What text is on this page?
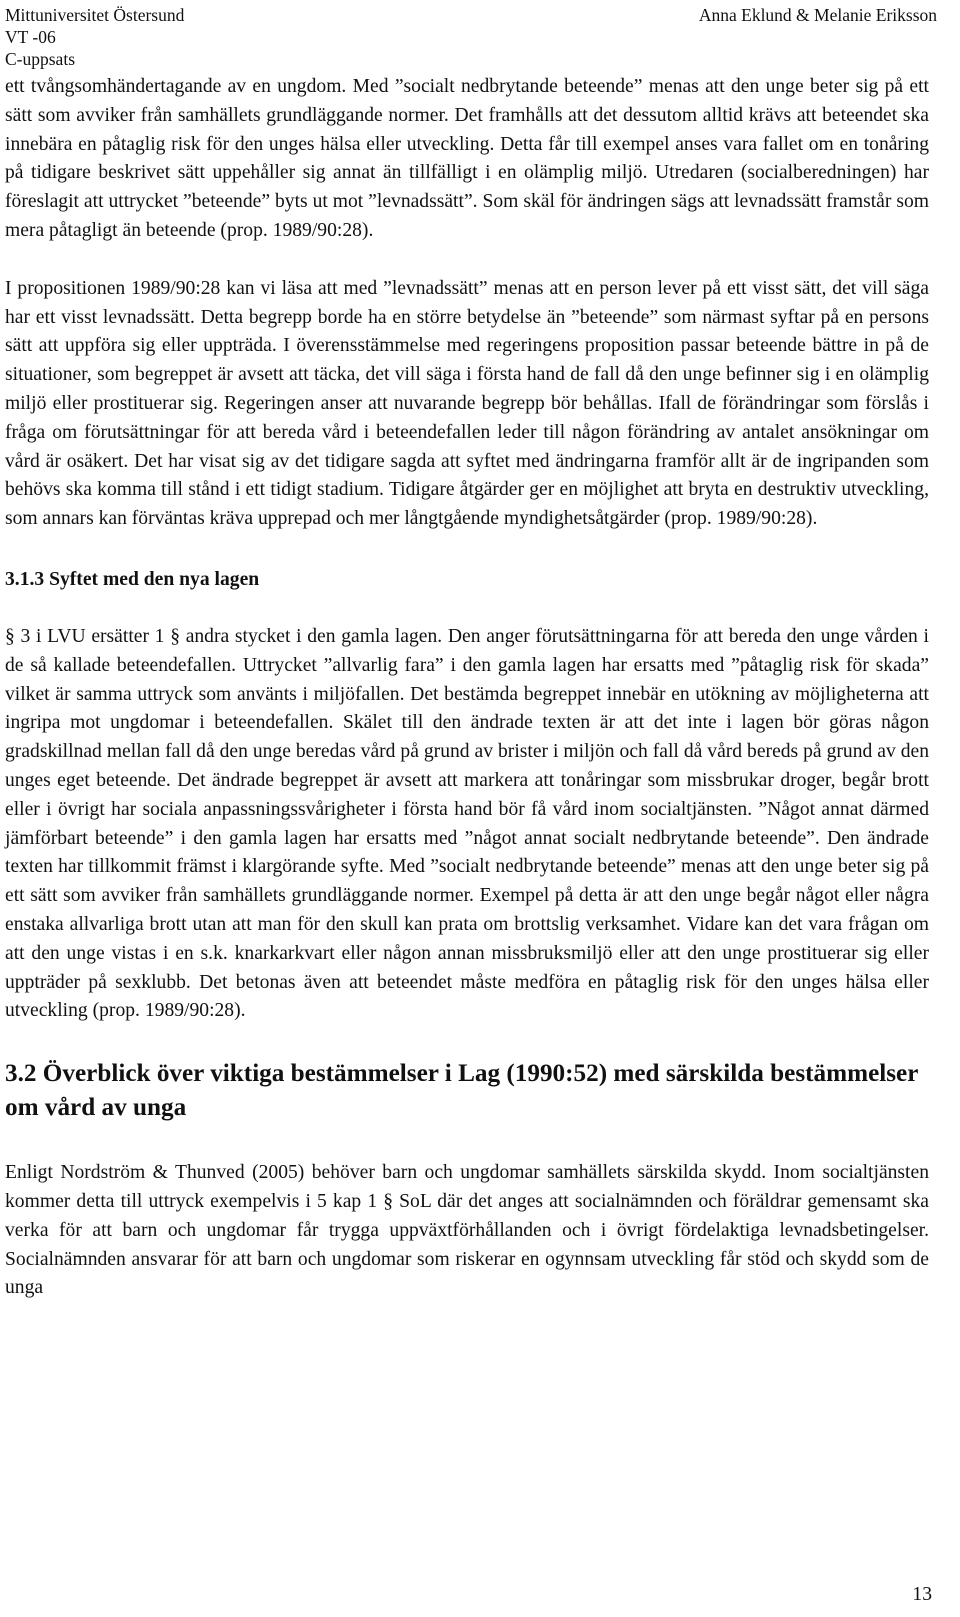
Mittuniversitet Östersund	Anna Eklund & Melanie Eriksson
VT -06
C-uppsats

ett tvångsomhändertagande av en ungdom. Med ”socialt nedbrytande beteende” menas att den unge beter sig på ett sätt som avviker från samhällets grundläggande normer. Det framhålls att det dessutom alltid krävs att beteendet ska innebära en påtaglig risk för den unges hälsa eller utveckling. Detta får till exempel anses vara fallet om en tonåring på tidigare beskrivet sätt uppehåller sig annat än tillfälligt i en olämplig miljö. Utredaren (socialberedningen) har föreslagit att uttrycket ”beteende” byts ut mot ”levnadssätt”. Som skäl för ändringen sägs att levnadssätt framstår som mera påtagligt än beteende (prop. 1989/90:28).

I propositionen 1989/90:28 kan vi läsa att med ”levnadssätt” menas att en person lever på ett visst sätt, det vill säga har ett visst levnadssätt. Detta begrepp borde ha en större betydelse än ”beteende” som närmast syftar på en persons sätt att uppföra sig eller uppträda. I överensstämmelse med regeringens proposition passar beteende bättre in på de situationer, som begreppet är avsett att täcka, det vill säga i första hand de fall då den unge befinner sig i en olämplig miljö eller prostituerar sig. Regeringen anser att nuvarande begrepp bör behållas. Ifall de förändringar som förslås i fråga om förutsättningar för att bereda vård i beteendefallen leder till någon förändring av antalet ansökningar om vård är osäkert. Det har visat sig av det tidigare sagda att syftet med ändringarna framför allt är de ingripanden som behövs ska komma till stånd i ett tidigt stadium. Tidigare åtgärder ger en möjlighet att bryta en destruktiv utveckling, som annars kan förväntas kräva upprepad och mer långtgående myndighetsåtgärder (prop. 1989/90:28).

3.1.3 Syftet med den nya lagen

§ 3 i LVU ersätter 1 § andra stycket i den gamla lagen. Den anger förutsättningarna för att bereda den unge vården i de så kallade beteendefallen. Uttrycket ”allvarlig fara” i den gamla lagen har ersatts med ”påtaglig risk för skada” vilket är samma uttryck som använts i miljöfallen. Det bestämda begreppet innebär en utökning av möjligheterna att ingripa mot ungdomar i beteendefallen. Skälet till den ändrade texten är att det inte i lagen bör göras någon gradskillnad mellan fall då den unge beredas vård på grund av brister i miljön och fall då vård bereds på grund av den unges eget beteende. Det ändrade begreppet är avsett att markera att tonåringar som missbrukar droger, begår brott eller i övrigt har sociala anpassningssvårigheter i första hand bör få vård inom socialtjänsten. ”Något annat därmed jämförbart beteende” i den gamla lagen har ersatts med ”något annat socialt nedbrytande beteende”. Den ändrade texten har tillkommit främst i klargörande syfte. Med ”socialt nedbrytande beteende” menas att den unge beter sig på ett sätt som avviker från samhällets grundläggande normer. Exempel på detta är att den unge begår något eller några enstaka allvarliga brott utan att man för den skull kan prata om brottslig verksamhet. Vidare kan det vara frågan om att den unge vistas i en s.k. knarkarkvart eller någon annan missbruksmiljö eller att den unge prostituerar sig eller uppträder på sexklubb. Det betonas även att beteendet måste medföra en påtaglig risk för den unges hälsa eller utveckling (prop. 1989/90:28).

3.2 Överblick över viktiga bestämmelser i Lag (1990:52) med särskilda bestämmelser om vård av unga

Enligt Nordström & Thunved (2005) behöver barn och ungdomar samhällets särskilda skydd. Inom socialtjänsten kommer detta till uttryck exempelvis i 5 kap 1 § SoL där det anges att socialnämnden och föräldrar gemensamt ska verka för att barn och ungdomar får trygga uppväxtförhållanden och i övrigt fördelaktiga levnadsbetingelser. Socialnämnden ansvarar för att barn och ungdomar som riskerar en ogynnsam utveckling får stöd och skydd som de unga

13
